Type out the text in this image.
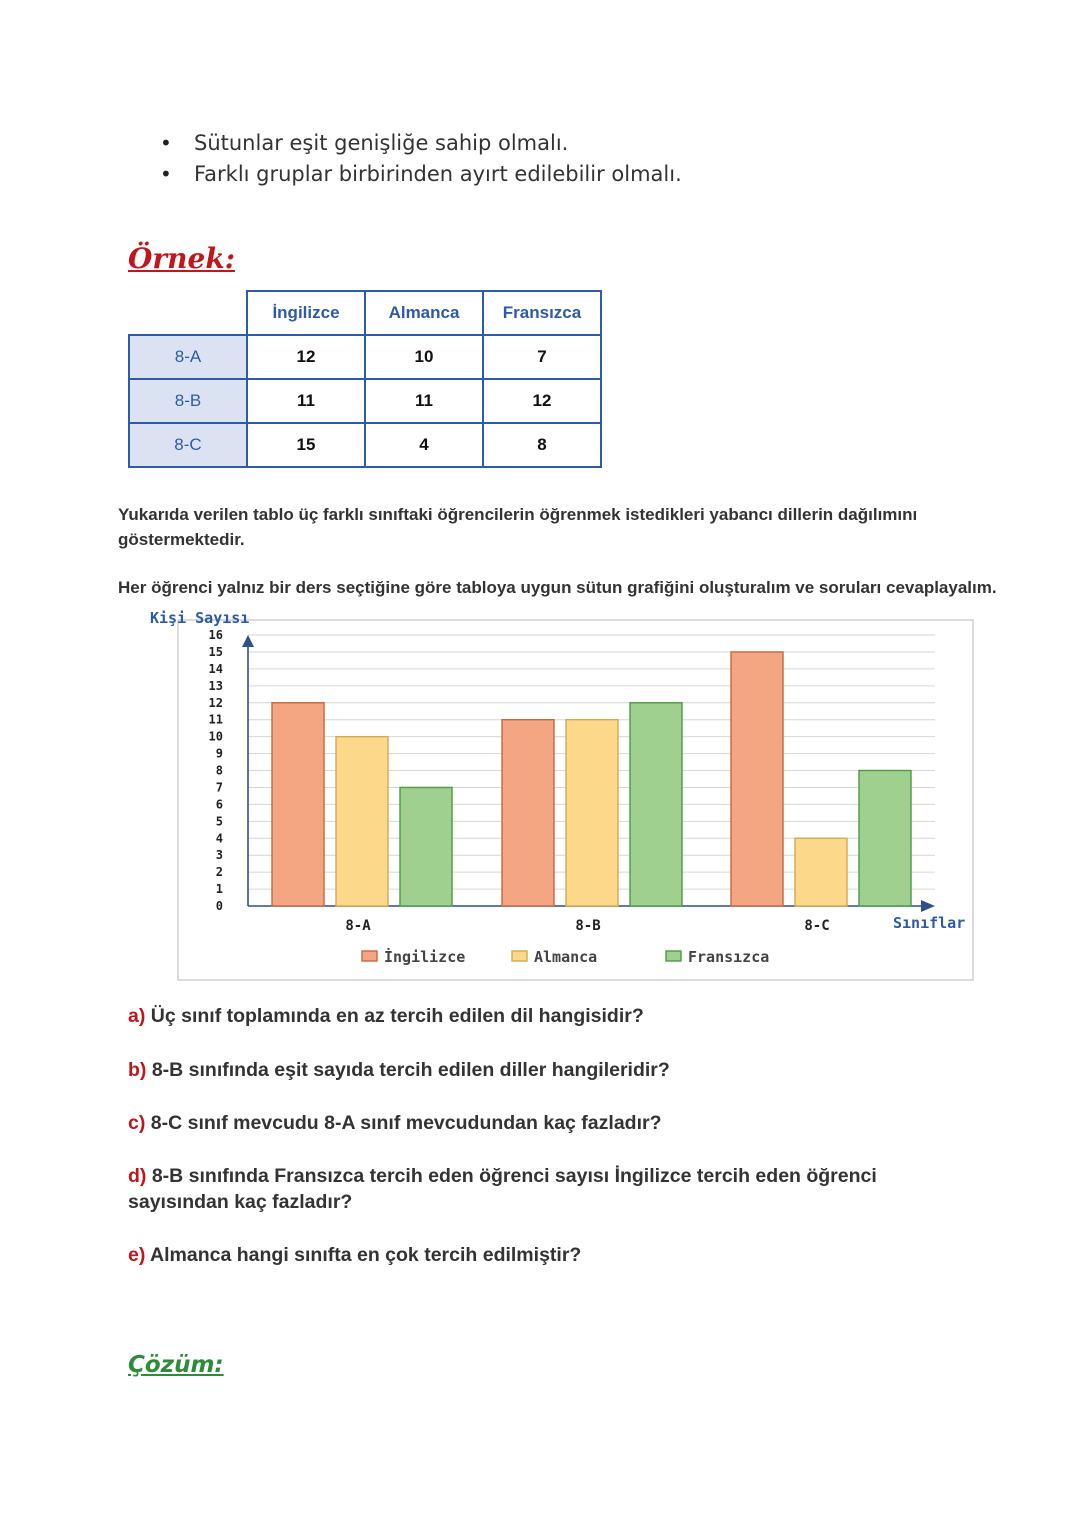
• Sütunlar eşit genişliğe sahip olmalı.
• Farklı gruplar birbirinden ayırt edilebilir olmalı.
Örnek:
	İngilizce	Almanca	Fransızca
8-A	12	10	7
8-B	11	11	12
8-C	15	4	8

Yukarıda verilen tablo üç farklı sınıftaki öğrencilerin öğrenmek istedikleri yabancı dillerin dağılımını göstermektedir.

Her öğrenci yalnız bir ders seçtiğine göre tabloya uygun sütun grafiğini oluşturalım ve soruları cevaplayalım.

0
1
2
3
4
5
6
7
8
9
10
11
12
13
14
15
16
Kişi Sayısı
Sınıflar
8-A	8-B	8-C
İngilizce	Almanca	Fransızca

a) Üç sınıf toplamında en az tercih edilen dil hangisidir?

b) 8-B sınıfında eşit sayıda tercih edilen diller hangileridir?

c) 8-C sınıf mevcudu 8-A sınıf mevcudundan kaç fazladır?

d) 8-B sınıfında Fransızca tercih eden öğrenci sayısı İngilizce tercih eden öğrenci sayısından kaç fazladır?

e) Almanca hangi sınıfta en çok tercih edilmiştir?

Çözüm:
